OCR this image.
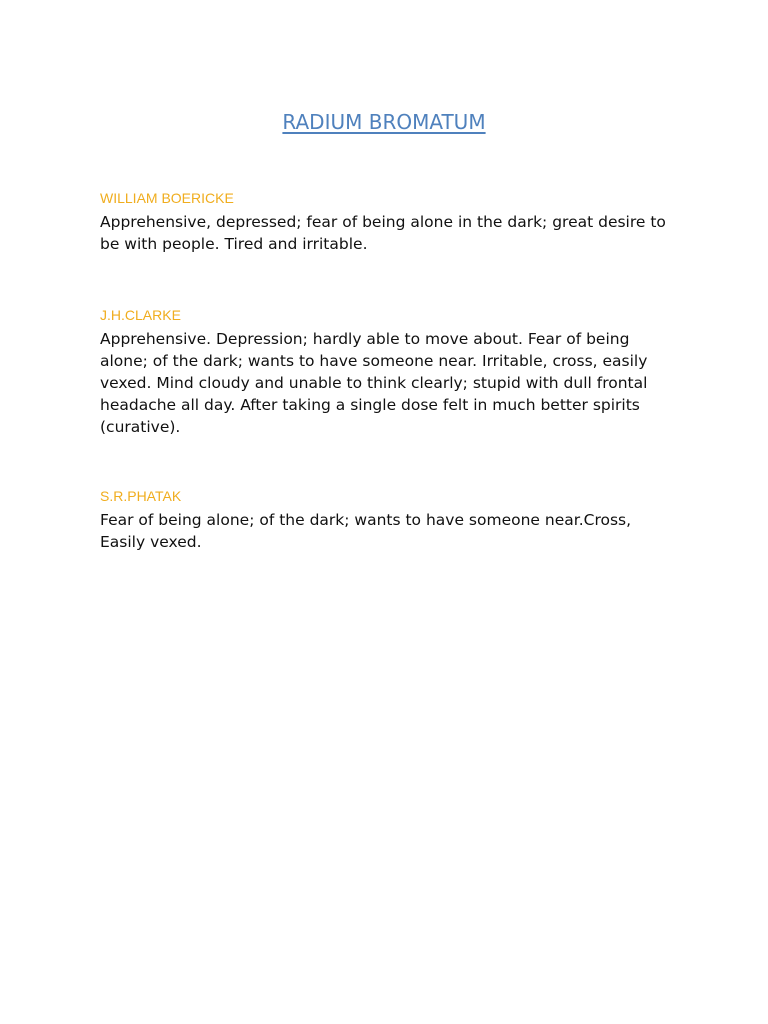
RADIUM BROMATUM

WILLIAM BOERICKE

Apprehensive, depressed; fear of being alone in the dark; great desire to be with people. Tired and irritable.

J.H.CLARKE

Apprehensive. Depression; hardly able to move about. Fear of being alone; of the dark; wants to have someone near. Irritable, cross, easily vexed. Mind cloudy and unable to think clearly; stupid with dull frontal headache all day. After taking a single dose felt in much better spirits (curative).

S.R.PHATAK

Fear of being alone; of the dark; wants to have someone near.Cross, Easily vexed.
